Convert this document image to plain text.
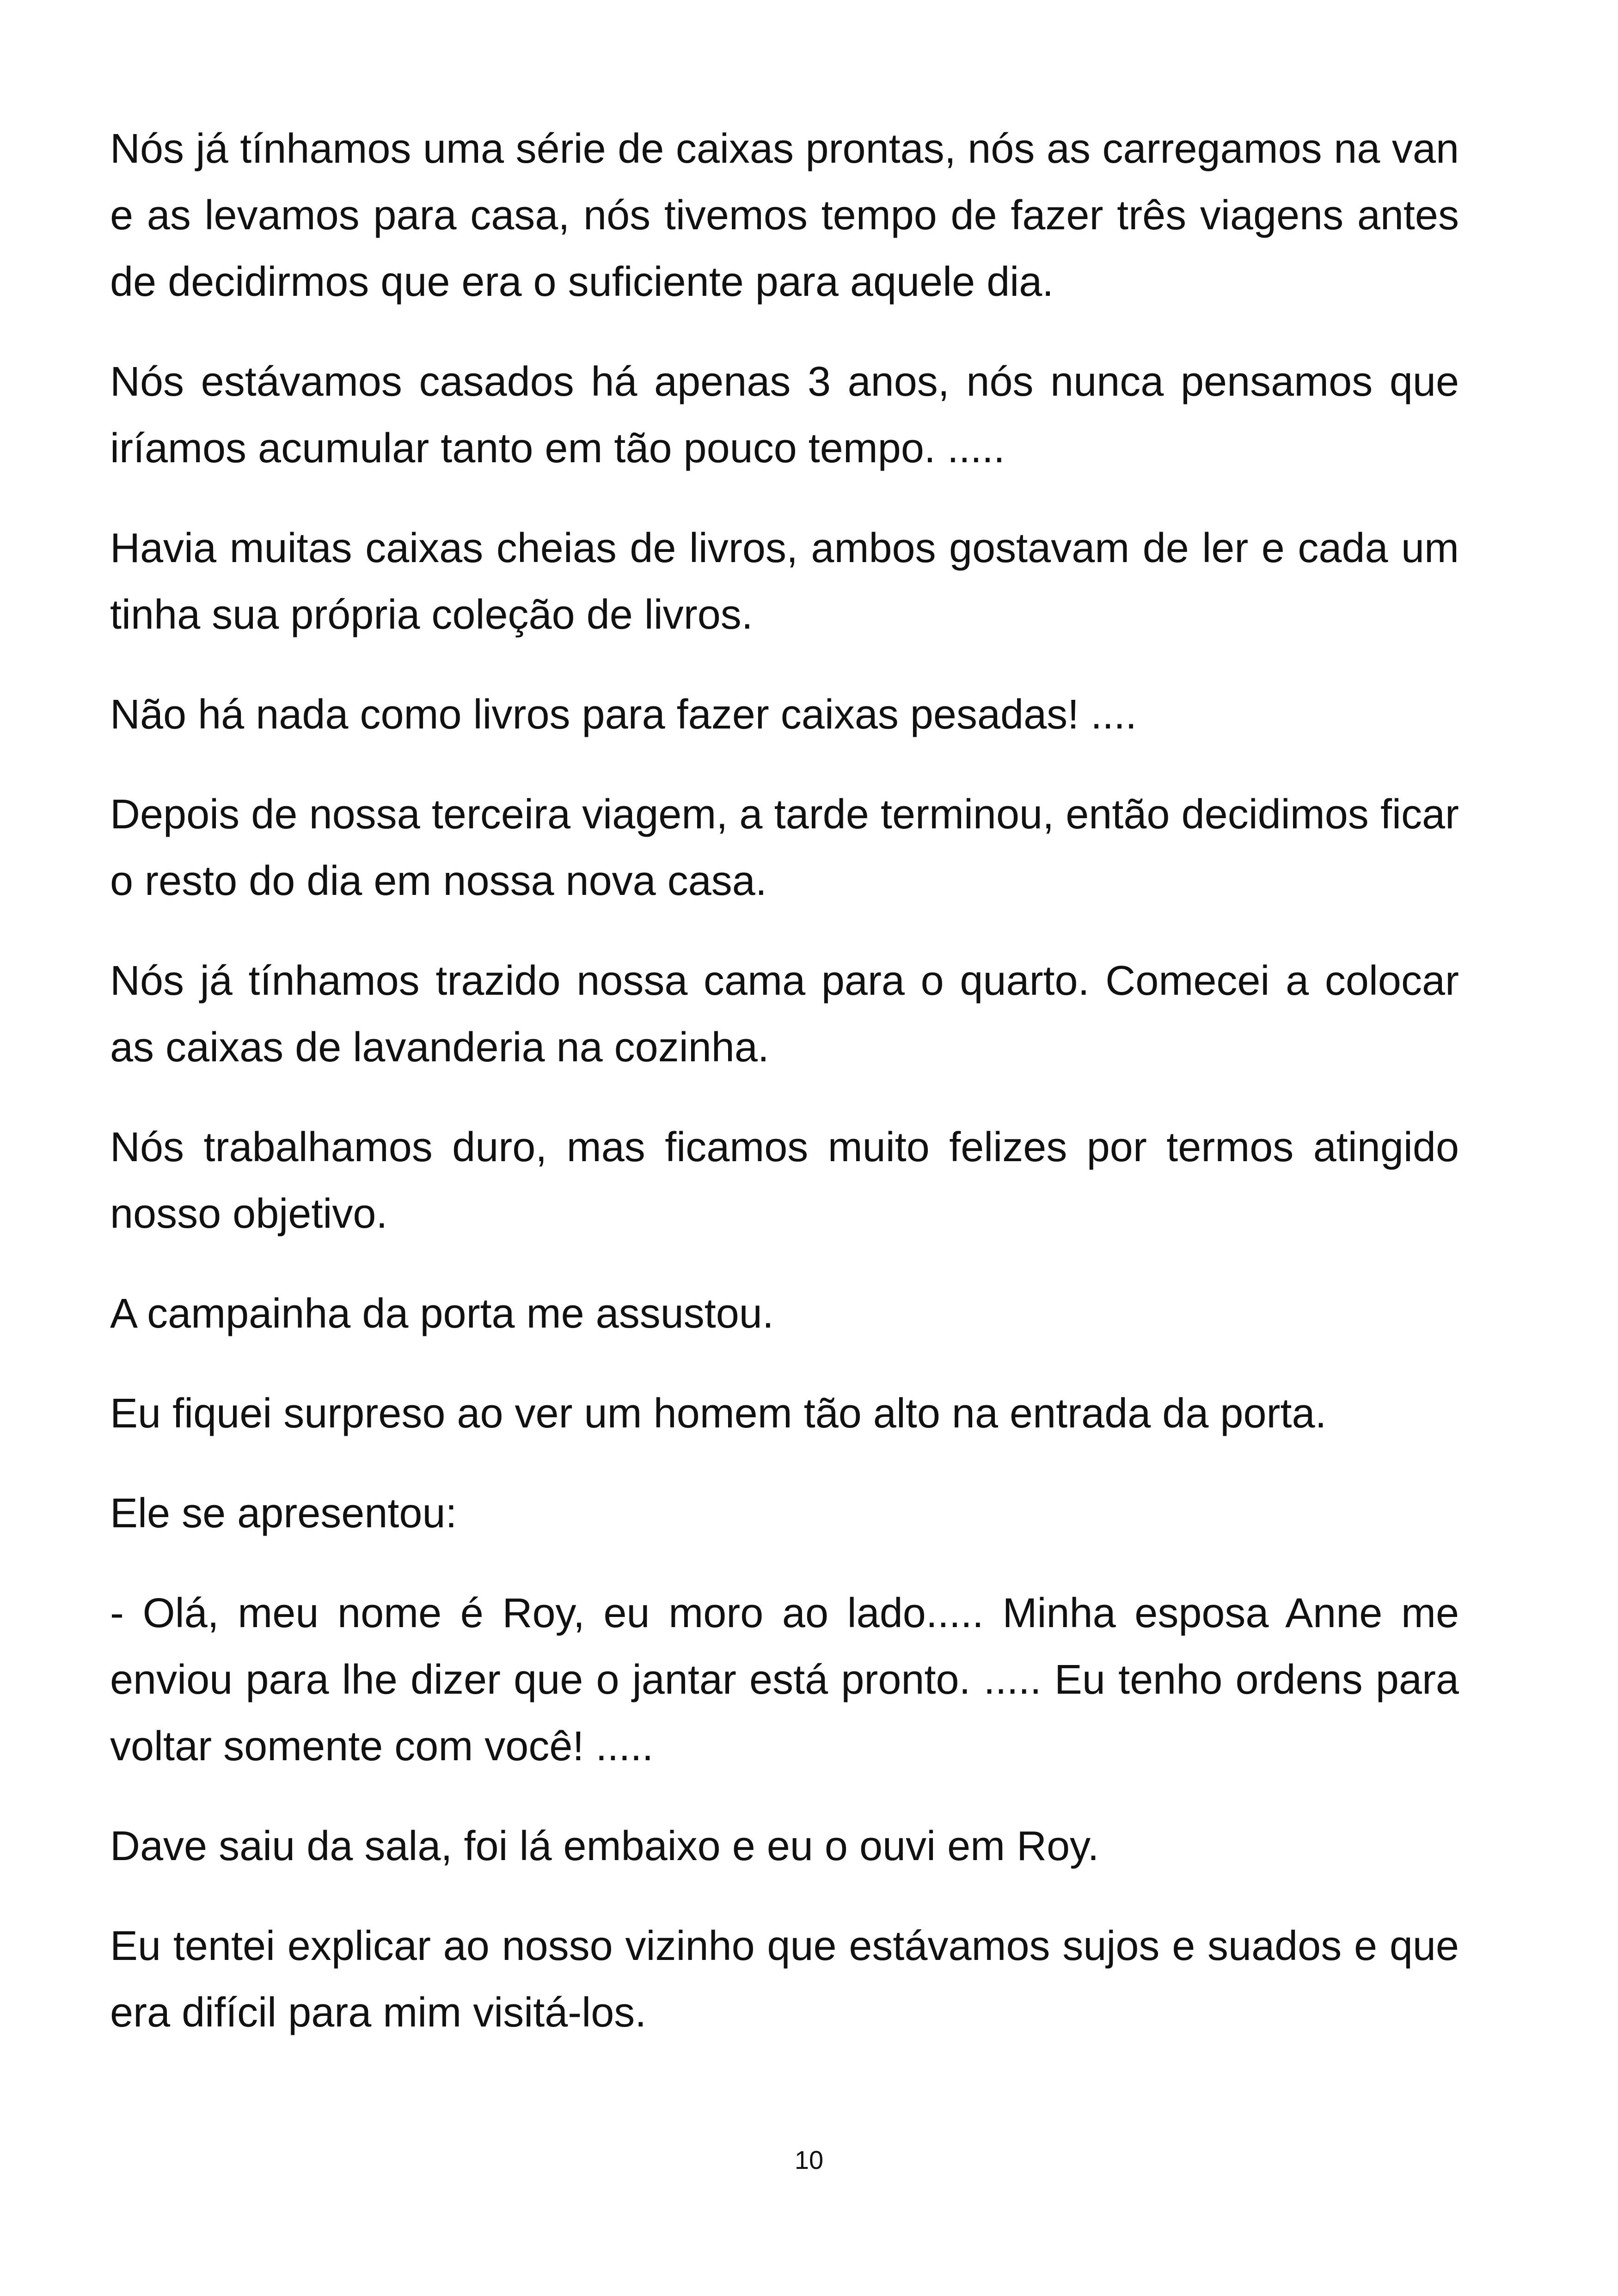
Nós já tínhamos uma série de caixas prontas, nós as carregamos na van e as levamos para casa, nós tivemos tempo de fazer três viagens antes de decidirmos que era o suficiente para aquele dia.

Nós estávamos casados há apenas 3 anos, nós nunca pensamos que iríamos acumular tanto em tão pouco tempo. .....

Havia muitas caixas cheias de livros, ambos gostavam de ler e cada um tinha sua própria coleção de livros.

Não há nada como livros para fazer caixas pesadas! ....

Depois de nossa terceira viagem, a tarde terminou, então decidimos ficar o resto do dia em nossa nova casa.

Nós já tínhamos trazido nossa cama para o quarto. Comecei a colocar as caixas de lavanderia na cozinha.

Nós trabalhamos duro, mas ficamos muito felizes por termos atingido nosso objetivo.

A campainha da porta me assustou.

Eu fiquei surpreso ao ver um homem tão alto na entrada da porta.

Ele se apresentou:

- Olá, meu nome é Roy, eu moro ao lado..... Minha esposa Anne me enviou para lhe dizer que o jantar está pronto. ..... Eu tenho ordens para voltar somente com você! .....

Dave saiu da sala, foi lá embaixo e eu o ouvi em Roy.

Eu tentei explicar ao nosso vizinho que estávamos sujos e suados e que era difícil para mim visitá-los.

10
